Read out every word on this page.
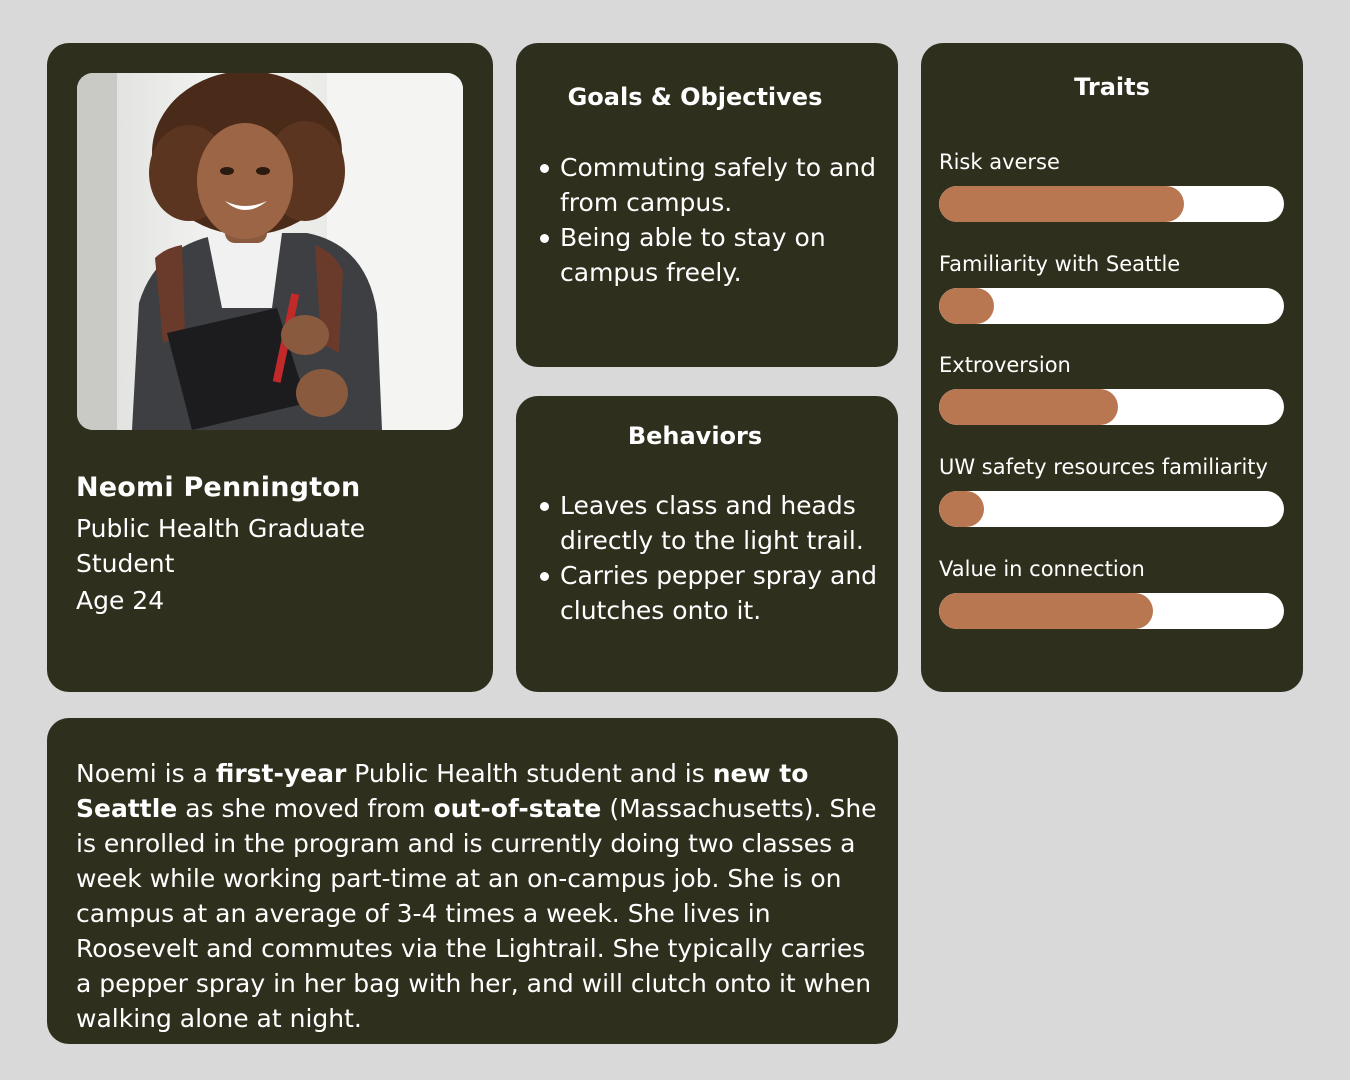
Neomi Pennington
Public Health Graduate Student
Age 24
Goals & Objectives
Commuting safely to and from campus.
Being able to stay on campus freely.
Behaviors
Leaves class and heads directly to the light trail.
Carries pepper spray and clutches onto it.
Traits
Risk averse
Familiarity with Seattle
Extroversion
UW safety resources familiarity
Value in connection
Noemi is a first-year Public Health student and is new to Seattle as she moved from out-of-state (Massachusetts). She is enrolled in the program and is currently doing two classes a week while working part-time at an on-campus job. She is on campus at an average of 3-4 times a week. She lives in Roosevelt and commutes via the Lightrail. She typically carries a pepper spray in her bag with her, and will clutch onto it when walking alone at night.
